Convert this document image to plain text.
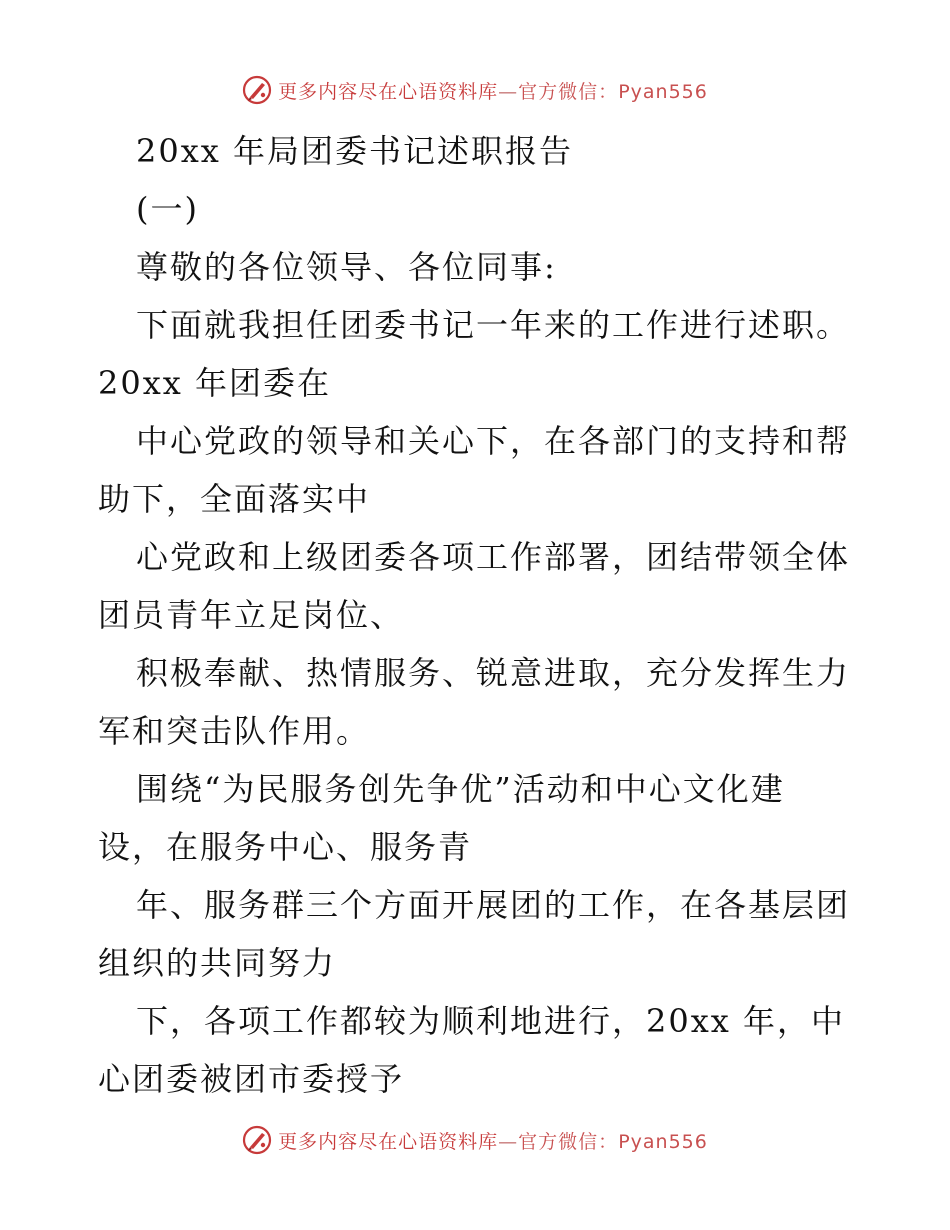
更多内容尽在心语资料库—官方微信：Pyan556
20xx 年局团委书记述职报告
(一)
尊敬的各位领导、各位同事:
下面就我担任团委书记一年来的工作进行述职。
20xx 年团委在
中心党政的领导和关心下，在各部门的支持和帮
助下，全面落实中
心党政和上级团委各项工作部署，团结带领全体
团员青年立足岗位、
积极奉献、热情服务、锐意进取，充分发挥生力
军和突击队作用。
围绕“为民服务创先争优”活动和中心文化建
设，在服务中心、服务青
年、服务群三个方面开展团的工作，在各基层团
组织的共同努力
下，各项工作都较为顺利地进行，20xx 年，中
心团委被团市委授予
更多内容尽在心语资料库—官方微信：Pyan556
